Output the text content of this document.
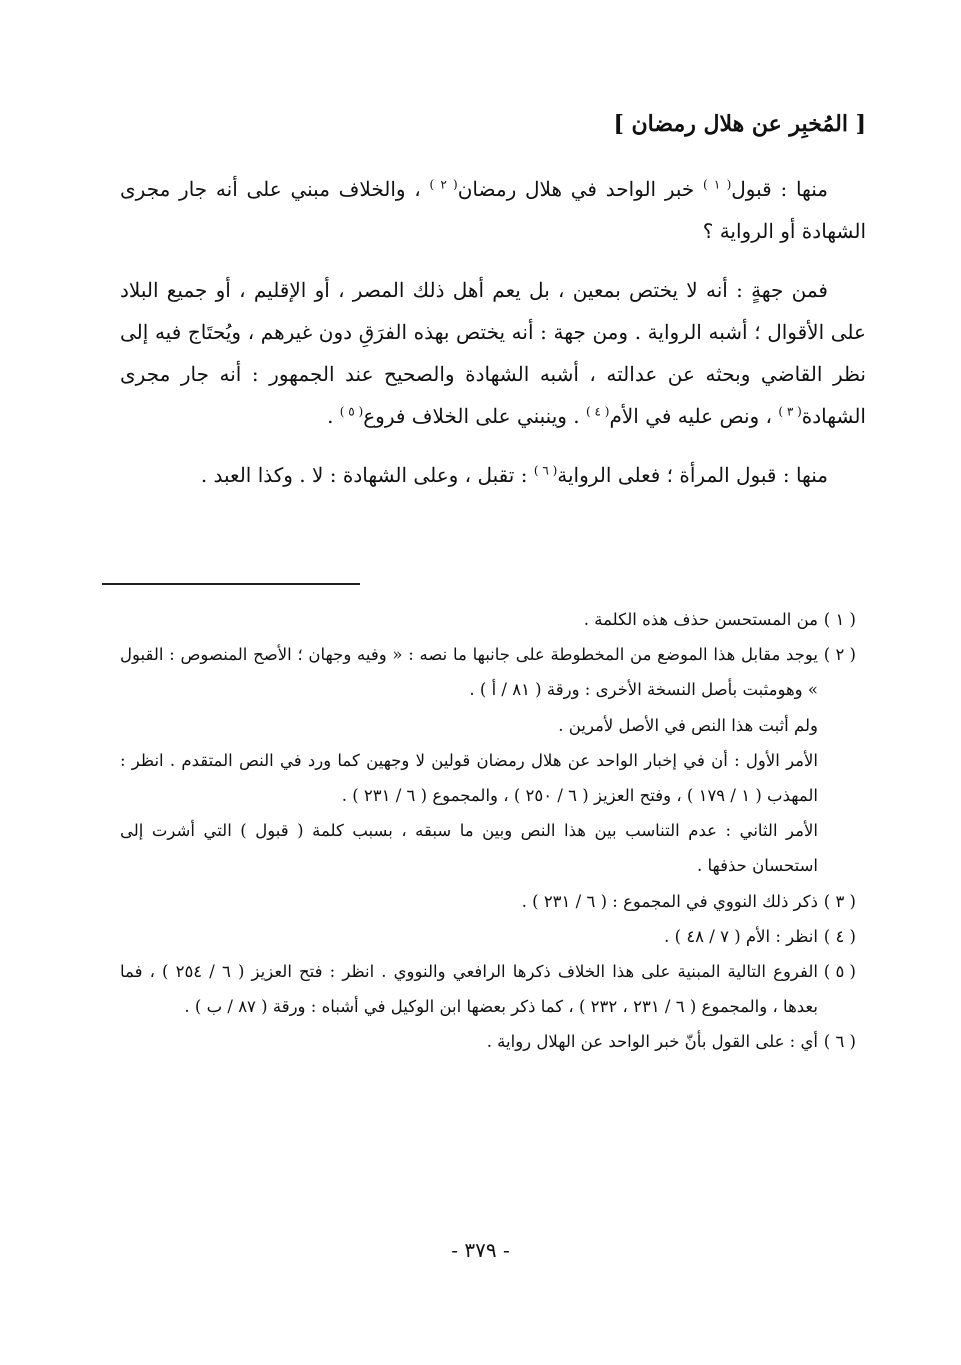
[ المُخبِر عن هلال رمضان ]

منها : قبول$^{( ١ )}$ خبر الواحد في هلال رمضان$^{( ٢ )}$ ، والخلاف مبني على أنه جار مجرى الشهادة أو الرواية ؟

فمن جهةٍ : أنه لا يختص بمعين ، بل يعم أهل ذلك المصر ، أو الإقليم ، أو جميع البلاد على الأقوال ؛ أشبه الرواية . ومن جهة : أنه يختص بهذه الفرَقِ دون غيرهم ، ويُحتَاج فيه إلى نظر القاضي وبحثه عن عدالته ، أشبه الشهادة والصحيح عند الجمهور : أنه جار مجرى الشهادة$^{( ٣ )}$ ، ونص عليه في الأم$^{( ٤ )}$ . وينبني على الخلاف فروع$^{( ٥ )}$ .

منها : قبول المرأة ؛ فعلى الرواية$^{( ٦ )}$ : تقبل ، وعلى الشهادة : لا . وكذا العبد .

( ١ )
من المستحسن حذف هذه الكلمة .
( ٢ )
يوجد مقابل هذا الموضع من المخطوطة على جانبها ما نصه : « وفيه وجهان ؛ الأصح المنصوص : القبول » وهومثبت بأصل النسخة الأخرى : ورقة ( ٨١ / أ ) .
ولم أثبت هذا النص في الأصل لأمرين .
الأمر الأول : أن في إخبار الواحد عن هلال رمضان قولين لا وجهين كما ورد في النص المتقدم . انظر : المهذب ( ١ / ١٧٩ ) ، وفتح العزيز ( ٦ / ٢٥٠ ) ، والمجموع ( ٦ / ٢٣١ ) .
الأمر الثاني : عدم التناسب بين هذا النص وبين ما سبقه ، بسبب كلمة ( قبول ) التي أشرت إلى استحسان حذفها .
( ٣ )
ذكر ذلك النووي في المجموع : ( ٦ / ٢٣١ ) .
( ٤ )
انظر : الأم ( ٧ / ٤٨ ) .
( ٥ )
الفروع التالية المبنية على هذا الخلاف ذكرها الرافعي والنووي . انظر : فتح العزيز ( ٦ / ٢٥٤ ) ، فما بعدها ، والمجموع ( ٦ / ٢٣١ ، ٢٣٢ ) ، كما ذكر بعضها ابن الوكيل في أشباه : ورقة ( ٨٧ / ب ) .
( ٦ )
أي : على القول بأنّ خبر الواحد عن الهلال رواية .
- ٣٧٩ -
